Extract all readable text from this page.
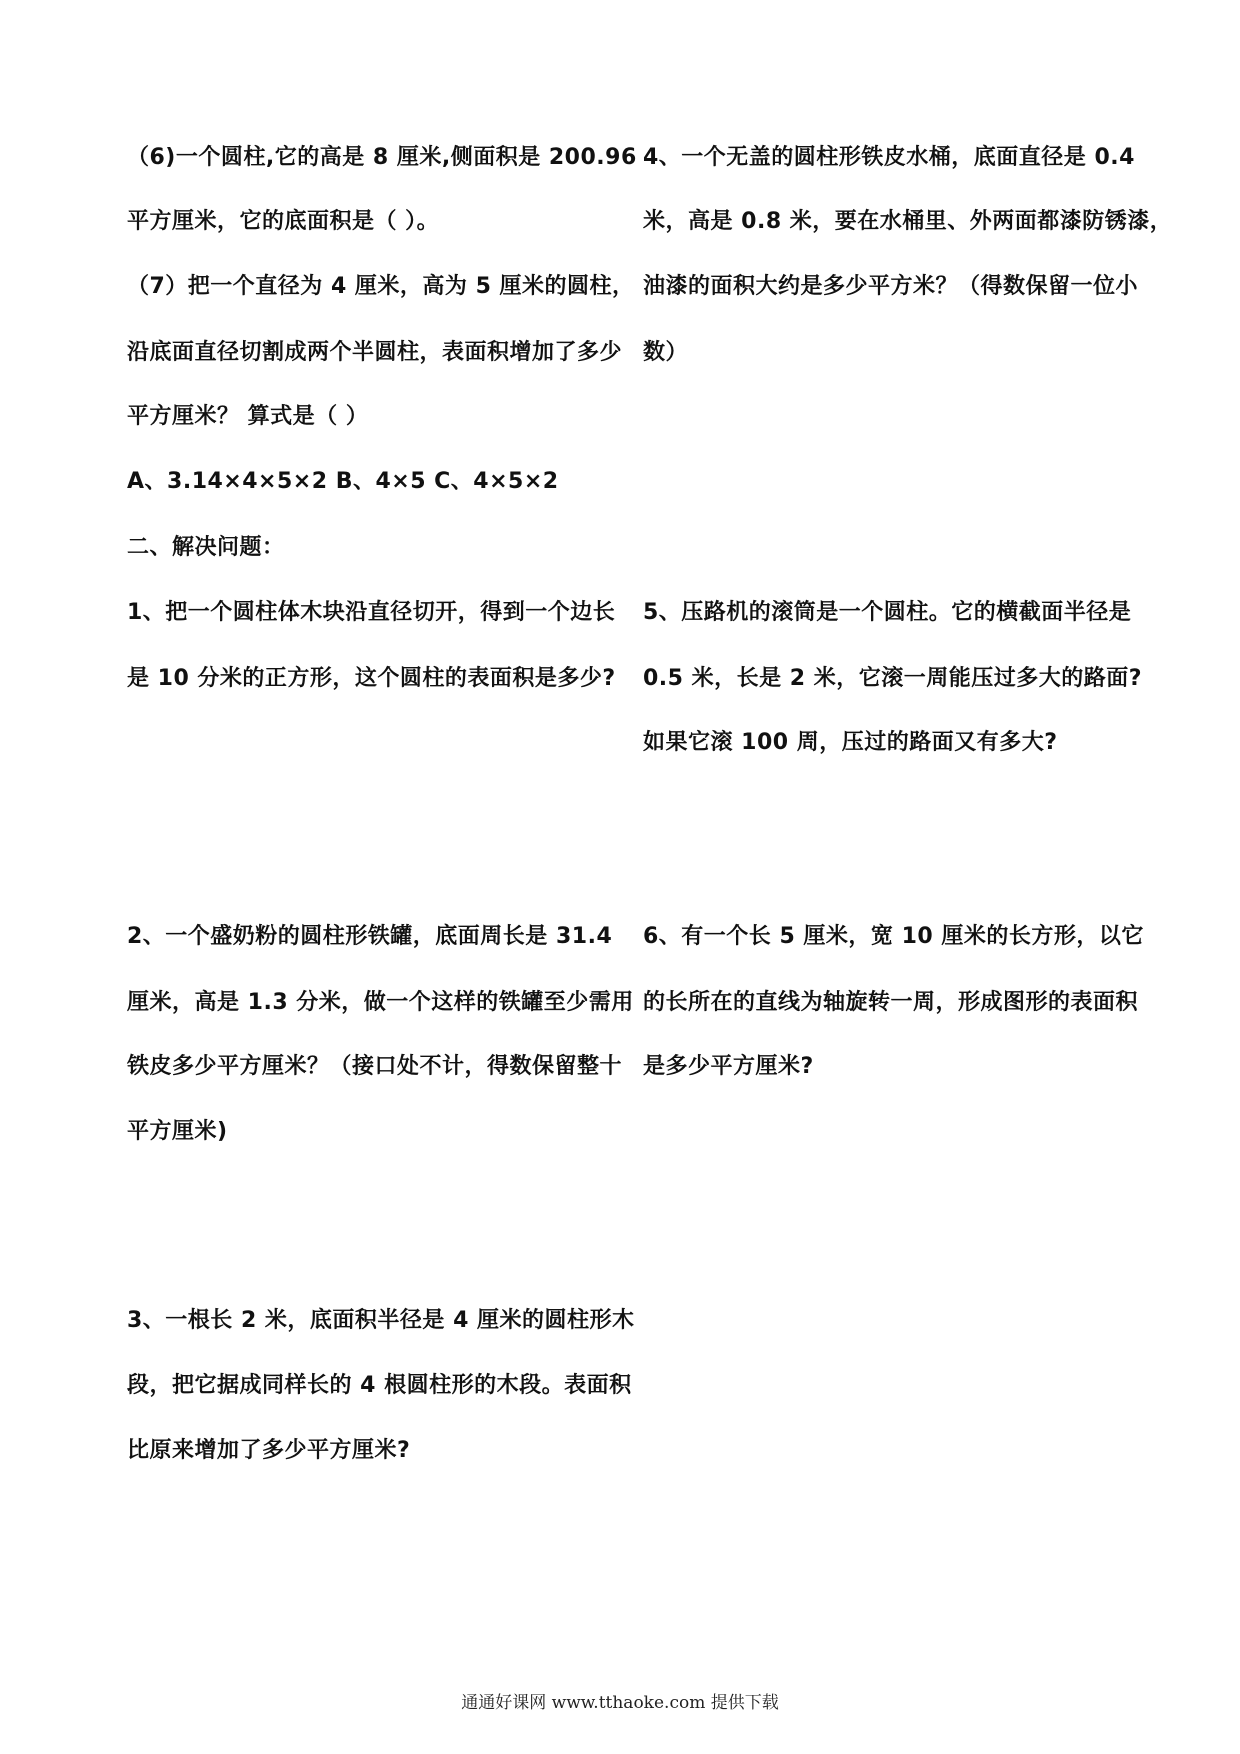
（6)一个圆柱,它的高是 8 厘米,侧面积是 200.96
平方厘米，它的底面积是（ ）。
（7）把一个直径为 4 厘米，高为 5 厘米的圆柱，
沿底面直径切割成两个半圆柱，表面积增加了多少
平方厘米？ 算式是（ ）
A、3.14×4×5×2 B、4×5 C、4×5×2
二、解决问题：
1、把一个圆柱体木块沿直径切开，得到一个边长
是 10 分米的正方形，这个圆柱的表面积是多少?
2、一个盛奶粉的圆柱形铁罐，底面周长是 31.4
厘米，高是 1.3 分米，做一个这样的铁罐至少需用
铁皮多少平方厘米？（接口处不计，得数保留整十
平方厘米)
3、一根长 2 米，底面积半径是 4 厘米的圆柱形木
段，把它据成同样长的 4 根圆柱形的木段。表面积
比原来增加了多少平方厘米?
4、一个无盖的圆柱形铁皮水桶，底面直径是 0.4
米，高是 0.8 米，要在水桶里、外两面都漆防锈漆，
油漆的面积大约是多少平方米？（得数保留一位小
数）
5、压路机的滚筒是一个圆柱。它的横截面半径是
0.5 米，长是 2 米，它滚一周能压过多大的路面?
如果它滚 100 周，压过的路面又有多大?
6、有一个长 5 厘米，宽 10 厘米的长方形，以它
的长所在的直线为轴旋转一周，形成图形的表面积
是多少平方厘米?
通通好课网 www.tthaoke.com 提供下载
